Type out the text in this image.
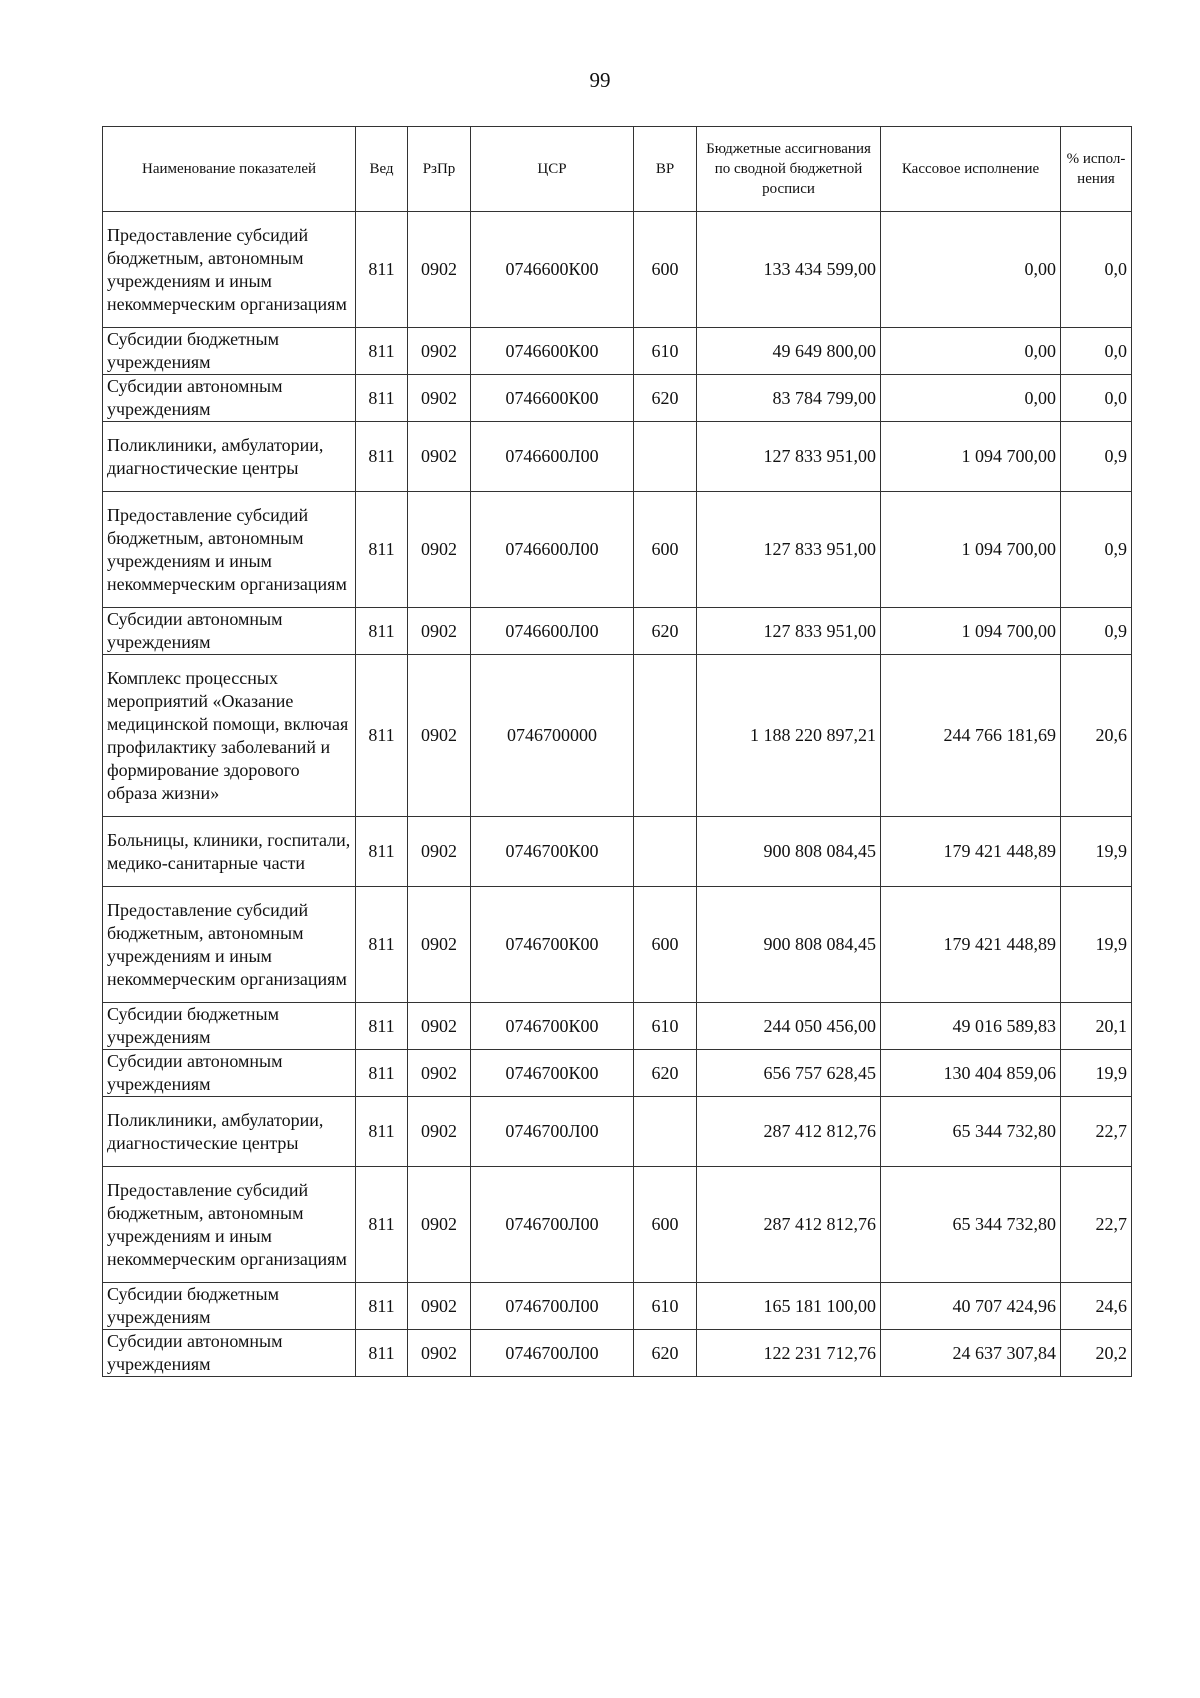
99
Наименование показателей	Вед	РзПр	ЦСР	ВР	Бюджетные ассигнования по сводной бюджетной росписи	Кассовое исполнение	% испол-нения
Предоставление субсидий бюджетным, автономным учреждениям и иным некоммерческим организациям	811	0902	0746600К00	600	133 434 599,00	0,00	0,0
Субсидии бюджетным учреждениям	811	0902	0746600К00	610	49 649 800,00	0,00	0,0
Субсидии автономным учреждениям	811	0902	0746600К00	620	83 784 799,00	0,00	0,0
Поликлиники, амбулатории, диагностические центры	811	0902	0746600Л00		127 833 951,00	1 094 700,00	0,9
Предоставление субсидий бюджетным, автономным учреждениям и иным некоммерческим организациям	811	0902	0746600Л00	600	127 833 951,00	1 094 700,00	0,9
Субсидии автономным учреждениям	811	0902	0746600Л00	620	127 833 951,00	1 094 700,00	0,9
Комплекс процессных мероприятий «Оказание медицинской помощи, включая профилактику заболеваний и формирование здорового образа жизни»	811	0902	0746700000		1 188 220 897,21	244 766 181,69	20,6
Больницы, клиники, госпитали, медико-санитарные части	811	0902	0746700К00		900 808 084,45	179 421 448,89	19,9
Предоставление субсидий бюджетным, автономным учреждениям и иным некоммерческим организациям	811	0902	0746700К00	600	900 808 084,45	179 421 448,89	19,9
Субсидии бюджетным учреждениям	811	0902	0746700К00	610	244 050 456,00	49 016 589,83	20,1
Субсидии автономным учреждениям	811	0902	0746700К00	620	656 757 628,45	130 404 859,06	19,9
Поликлиники, амбулатории, диагностические центры	811	0902	0746700Л00		287 412 812,76	65 344 732,80	22,7
Предоставление субсидий бюджетным, автономным учреждениям и иным некоммерческим организациям	811	0902	0746700Л00	600	287 412 812,76	65 344 732,80	22,7
Субсидии бюджетным учреждениям	811	0902	0746700Л00	610	165 181 100,00	40 707 424,96	24,6
Субсидии автономным учреждениям	811	0902	0746700Л00	620	122 231 712,76	24 637 307,84	20,2
